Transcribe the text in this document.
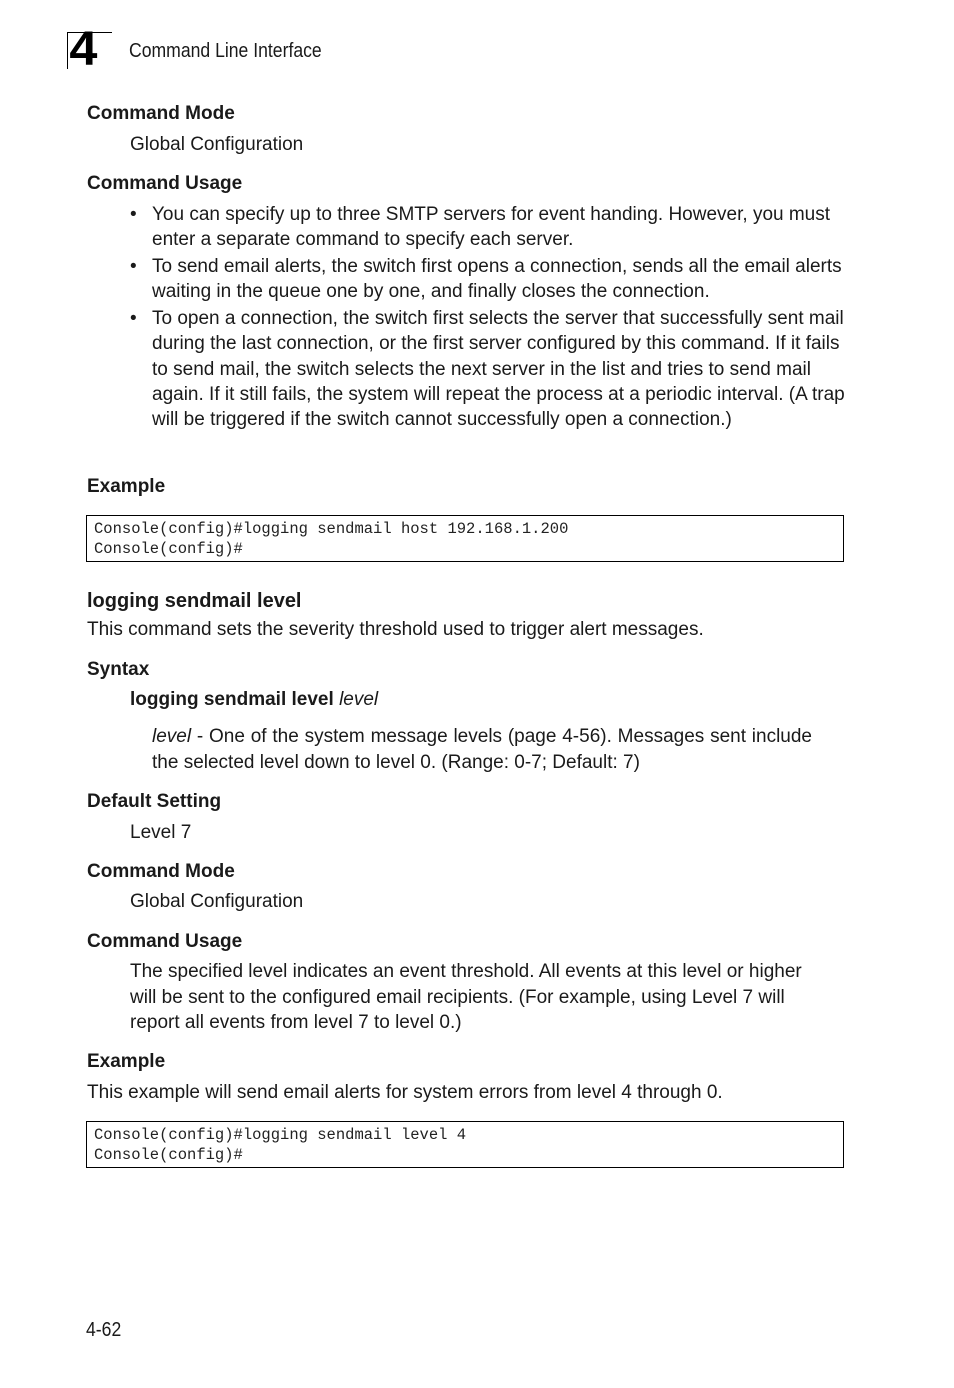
4 Command Line Interface
Command Mode
Global Configuration
Command Usage
• You can specify up to three SMTP servers for event handing. However, you must enter a separate command to specify each server.
• To send email alerts, the switch first opens a connection, sends all the email alerts waiting in the queue one by one, and finally closes the connection.
• To open a connection, the switch first selects the server that successfully sent mail during the last connection, or the first server configured by this command. If it fails to send mail, the switch selects the next server in the list and tries to send mail again. If it still fails, the system will repeat the process at a periodic interval. (A trap will be triggered if the switch cannot successfully open a connection.)
Example
Console(config)#logging sendmail host 192.168.1.200
Console(config)#
logging sendmail level
This command sets the severity threshold used to trigger alert messages.
Syntax
logging sendmail level level
level - One of the system message levels (page 4-56). Messages sent include the selected level down to level 0. (Range: 0-7; Default: 7)
Default Setting
Level 7
Command Mode
Global Configuration
Command Usage
The specified level indicates an event threshold. All events at this level or higher will be sent to the configured email recipients. (For example, using Level 7 will report all events from level 7 to level 0.)
Example
This example will send email alerts for system errors from level 4 through 0.
Console(config)#logging sendmail level 4
Console(config)#
4-62
